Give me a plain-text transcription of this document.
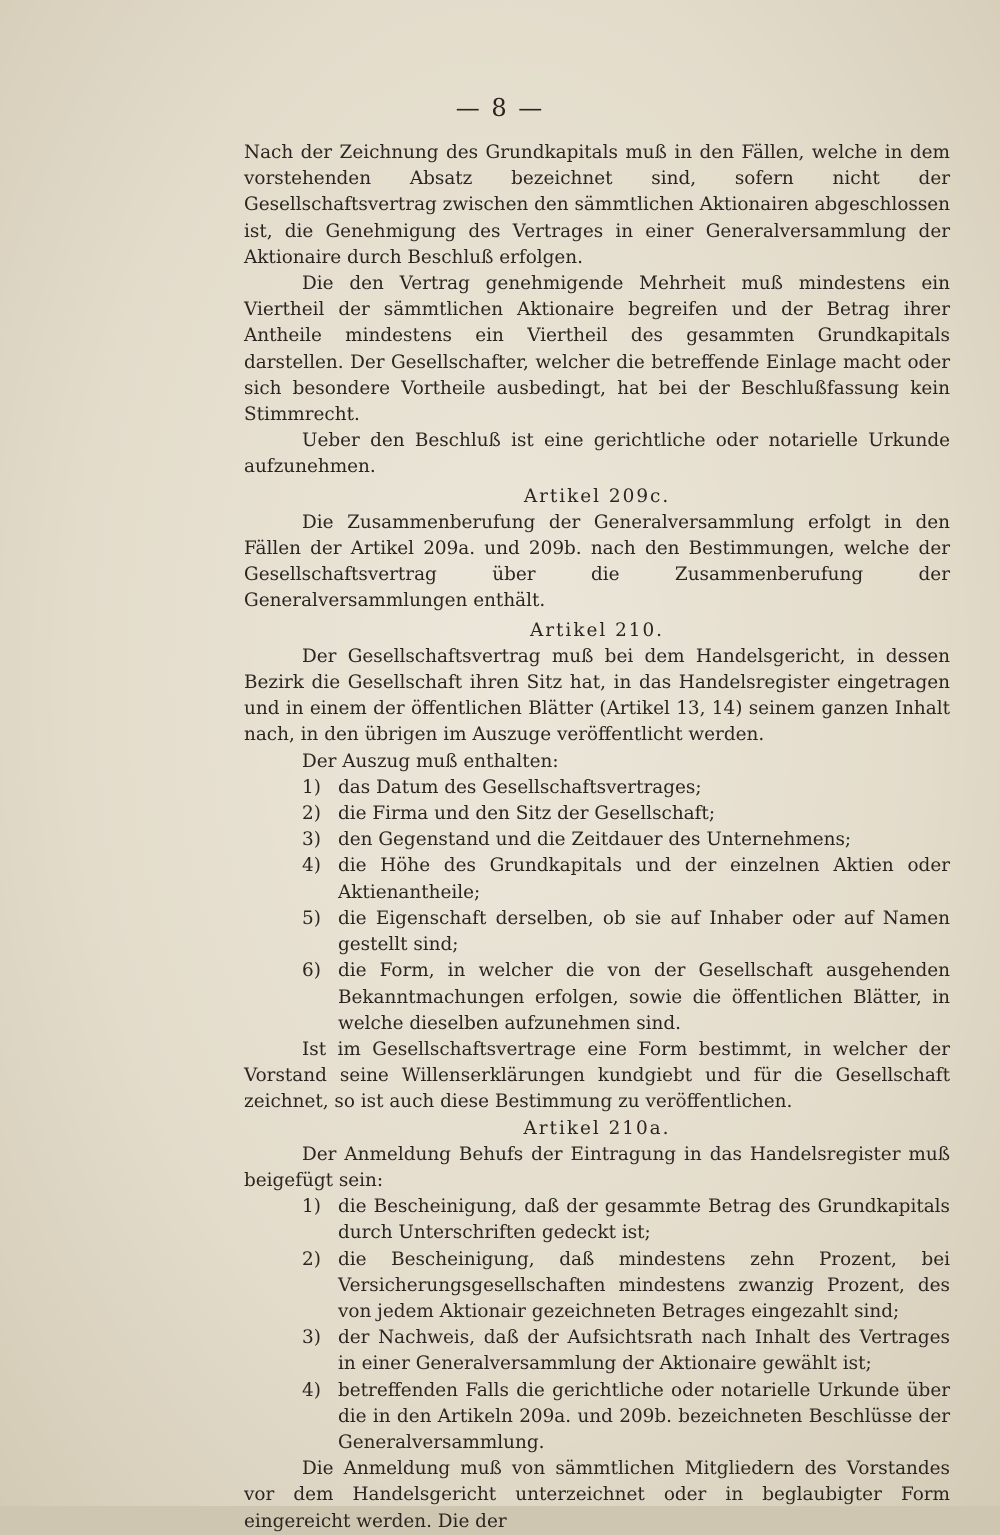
— 8 —

Nach der Zeichnung des Grundkapitals muß in den Fällen, welche in dem vorstehenden Absatz bezeichnet sind, sofern nicht der Gesellschaftsvertrag zwischen den sämmtlichen Aktionairen abgeschlossen ist, die Genehmigung des Vertrages in einer Generalversammlung der Aktionaire durch Beschluß erfolgen.

Die den Vertrag genehmigende Mehrheit muß mindestens ein Viertheil der sämmtlichen Aktionaire begreifen und der Betrag ihrer Antheile mindestens ein Viertheil des gesammten Grundkapitals darstellen. Der Gesellschafter, welcher die betreffende Einlage macht oder sich besondere Vortheile ausbedingt, hat bei der Beschlußfassung kein Stimmrecht.

Ueber den Beschluß ist eine gerichtliche oder notarielle Urkunde aufzunehmen.

Artikel 209c.

Die Zusammenberufung der Generalversammlung erfolgt in den Fällen der Artikel 209a. und 209b. nach den Bestimmungen, welche der Gesellschaftsvertrag über die Zusammenberufung der Generalversammlungen enthält.

Artikel 210.

Der Gesellschaftsvertrag muß bei dem Handelsgericht, in dessen Bezirk die Gesellschaft ihren Sitz hat, in das Handelsregister eingetragen und in einem der öffentlichen Blätter (Artikel 13, 14) seinem ganzen Inhalt nach, in den übrigen im Auszuge veröffentlicht werden.

Der Auszug muß enthalten:

1) das Datum des Gesellschaftsvertrages;
2) die Firma und den Sitz der Gesellschaft;
3) den Gegenstand und die Zeitdauer des Unternehmens;
4) die Höhe des Grundkapitals und der einzelnen Aktien oder Aktienantheile;
5) die Eigenschaft derselben, ob sie auf Inhaber oder auf Namen gestellt sind;
6) die Form, in welcher die von der Gesellschaft ausgehenden Bekanntmachungen erfolgen, sowie die öffentlichen Blätter, in welche dieselben aufzunehmen sind.

Ist im Gesellschaftsvertrage eine Form bestimmt, in welcher der Vorstand seine Willenserklärungen kundgiebt und für die Gesellschaft zeichnet, so ist auch diese Bestimmung zu veröffentlichen.

Artikel 210a.

Der Anmeldung Behufs der Eintragung in das Handelsregister muß beigefügt sein:

1) die Bescheinigung, daß der gesammte Betrag des Grundkapitals durch Unterschriften gedeckt ist;
2) die Bescheinigung, daß mindestens zehn Prozent, bei Versicherungsgesellschaften mindestens zwanzig Prozent, des von jedem Aktionair gezeichneten Betrages eingezahlt sind;
3) der Nachweis, daß der Aufsichtsrath nach Inhalt des Vertrages in einer Generalversammlung der Aktionaire gewählt ist;
4) betreffenden Falls die gerichtliche oder notarielle Urkunde über die in den Artikeln 209a. und 209b. bezeichneten Beschlüsse der Generalversammlung.

Die Anmeldung muß von sämmtlichen Mitgliedern des Vorstandes vor dem Handelsgericht unterzeichnet oder in beglaubigter Form eingereicht werden. Die der
